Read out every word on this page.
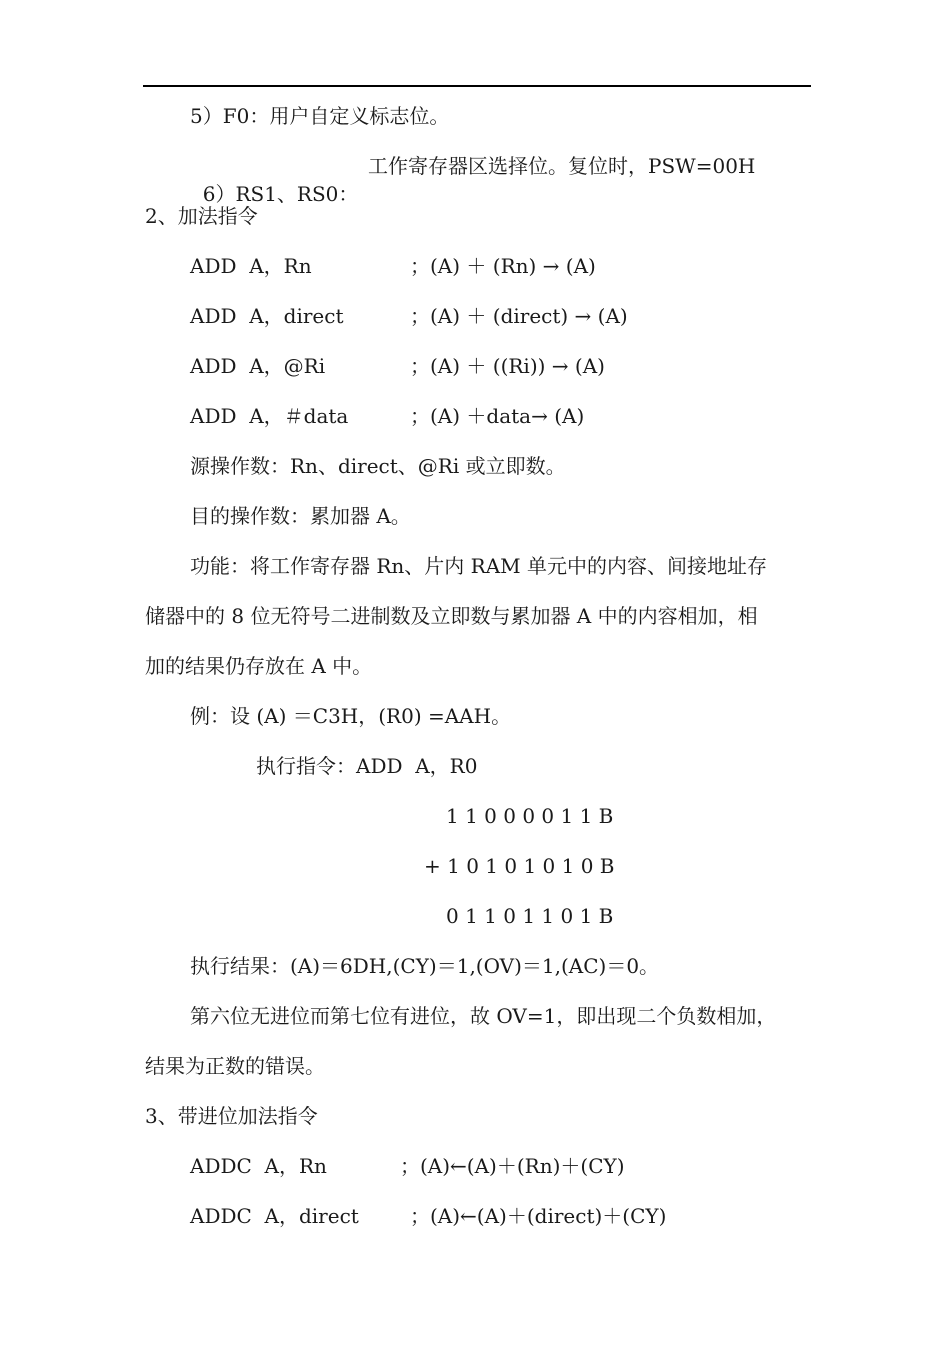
5）F0：用户自定义标志位。

6）RS1、RS0：

工作寄存器区选择位。复位时，PSW=00H

2、加法指令

ADD  A，Rn

	；(A) ＋ (Rn) → (A)

ADD  A，direct

	；(A) ＋ (direct) → (A)

ADD  A，@Ri

	；(A) ＋ ((Ri)) → (A)

ADD  A，＃data

	；(A) ＋data→ (A)

源操作数：Rn、direct、@Ri 或立即数。
目的操作数：累加器 A。
功能：将工作寄存器 Rn、片内 RAM 单元中的内容、间接地址存
储器中的 8 位无符号二进制数及立即数与累加器 A 中的内容相加，相
加的结果仍存放在 A 中。
例：设 (A) ＝C3H，(R0) =AAH。
执行指令：ADD  A，R0
1 1 0 0 0 0 1 1 B
+ 1 0 1 0 1 0 1 0 B
0 1 1 0 1 1 0 1 B
执行结果：(A)＝6DH,(CY)＝1,(OV)＝1,(AC)＝0。
第六位无进位而第七位有进位，故 OV=1，即出现二个负数相加，
结果为正数的错误。
3、带进位加法指令

ADDC  A，Rn

	；(A)←(A)＋(Rn)＋(CY)

ADDC  A，direct

	；(A)←(A)＋(direct)＋(CY)
